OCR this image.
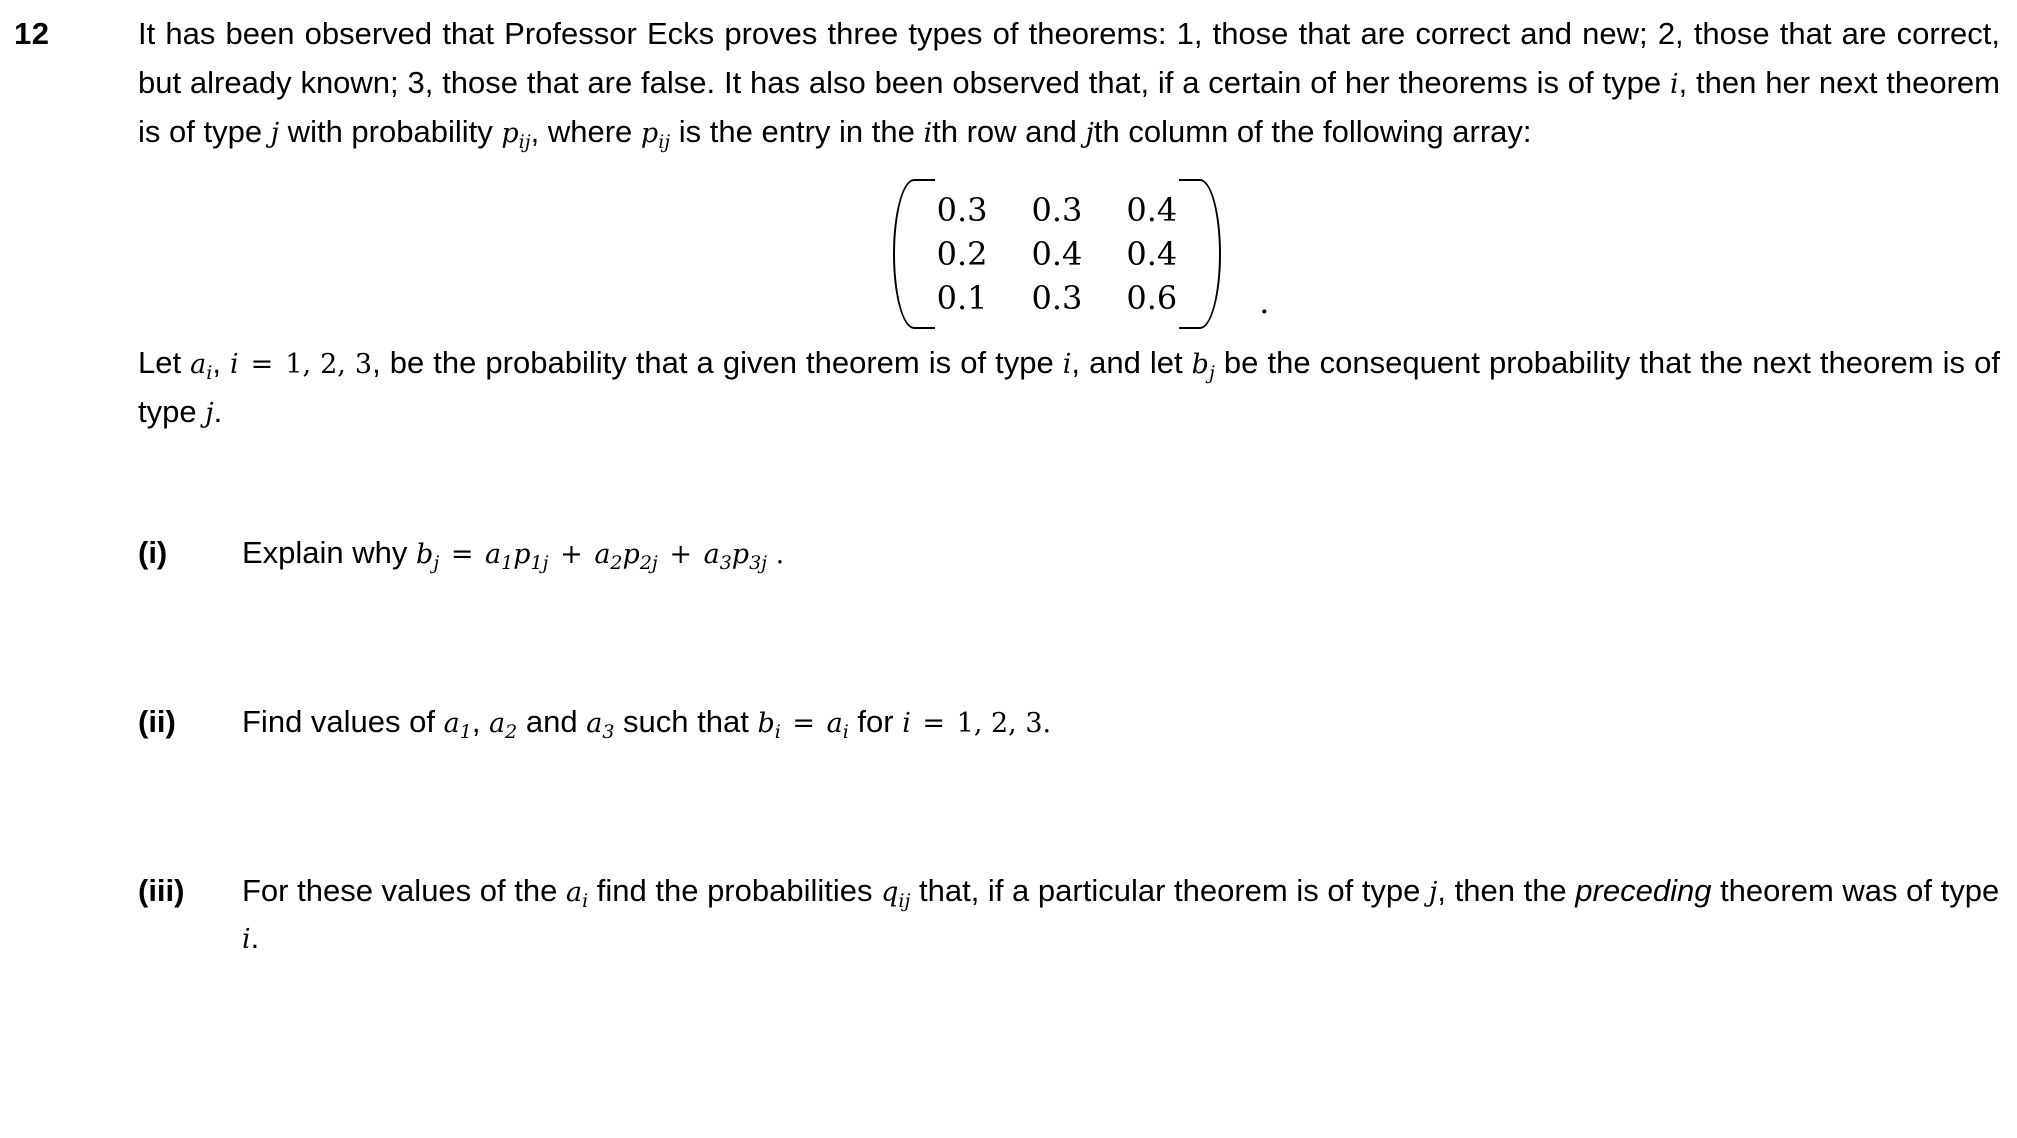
12	It has been observed that Professor Ecks proves three types of theorems: 1, those that are correct and new; 2, those that are correct, but already known; 3, those that are false. It has also been observed that, if a certain of her theorems is of type i, then her next theorem is of type j with probability $p_{ij}$, where $p_{ij}$ is the entry in the ith row and jth column of the following array:

0.3	0.3	0.4
0.2	0.4	0.4
0.1	0.3	0.6	.

Let $a_i$, i = 1, 2, 3, be the probability that a given theorem is of type i, and let $b_j$ be the consequent probability that the next theorem is of type j.

(i)	Explain why $b_j = a_1p_{1j} + a_2p_{2j} + a_3p_{3j}$ .
(ii)	Find values of $a_1$, $a_2$ and $a_3$ such that $b_i = a_i$ for i = 1, 2, 3.
(iii)	For these values of the $a_i$ find the probabilities $q_{ij}$ that, if a particular theorem is of type j, then the preceding theorem was of type i.
